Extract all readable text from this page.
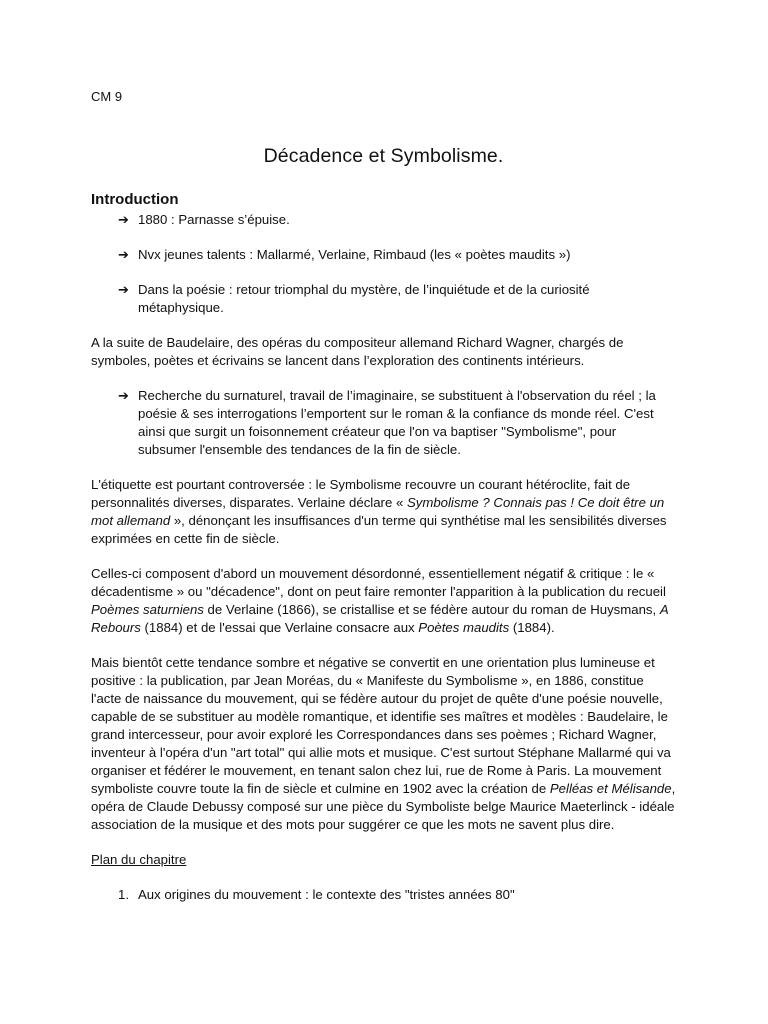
CM 9

Décadence et Symbolisme.
Introduction
➔ 1880 : Parnasse s’épuise.
➔ Nvx jeunes talents : Mallarmé, Verlaine, Rimbaud (les « poètes maudits »)
➔ Dans la poésie : retour triomphal du mystère, de l’inquiétude et de la curiosité métaphysique.

A la suite de Baudelaire, des opéras du compositeur allemand Richard Wagner, chargés de symboles, poètes et écrivains se lancent dans l’exploration des continents intérieurs.

➔ Recherche du surnaturel, travail de l’imaginaire, se substituent à l'observation du réel ; la poésie & ses interrogations l’emportent sur le roman & la confiance ds monde réel. C'est ainsi que surgit un foisonnement créateur que l'on va baptiser "Symbolisme", pour subsumer l'ensemble des tendances de la fin de siècle.

L'étiquette est pourtant controversée : le Symbolisme recouvre un courant hétéroclite, fait de personnalités diverses, disparates. Verlaine déclare « Symbolisme ? Connais pas ! Ce doit être un mot allemand », dénonçant les insuffisances d'un terme qui synthétise mal les sensibilités diverses exprimées en cette fin de siècle.

Celles-ci composent d'abord un mouvement désordonné, essentiellement négatif & critique : le « décadentisme » ou "décadence", dont on peut faire remonter l'apparition à la publication du recueil Poèmes saturniens de Verlaine (1866), se cristallise et se fédère autour du roman de Huysmans, A Rebours (1884) et de l'essai que Verlaine consacre aux Poètes maudits (1884).

Mais bientôt cette tendance sombre et négative se convertit en une orientation plus lumineuse et positive : la publication, par Jean Moréas, du « Manifeste du Symbolisme », en 1886, constitue l'acte de naissance du mouvement, qui se fédère autour du projet de quête d'une poésie nouvelle, capable de se substituer au modèle romantique, et identifie ses maîtres et modèles : Baudelaire, le grand intercesseur, pour avoir exploré les Correspondances dans ses poèmes ; Richard Wagner, inventeur à l'opéra d'un "art total" qui allie mots et musique. C'est surtout Stéphane Mallarmé qui va organiser et fédérer le mouvement, en tenant salon chez lui, rue de Rome à Paris. La mouvement symboliste couvre toute la fin de siècle et culmine en 1902 avec la création de Pelléas et Mélisande, opéra de Claude Debussy composé sur une pièce du Symboliste belge Maurice Maeterlinck - idéale association de la musique et des mots pour suggérer ce que les mots ne savent plus dire.

Plan du chapitre

1. Aux origines du mouvement : le contexte des "tristes années 80"
